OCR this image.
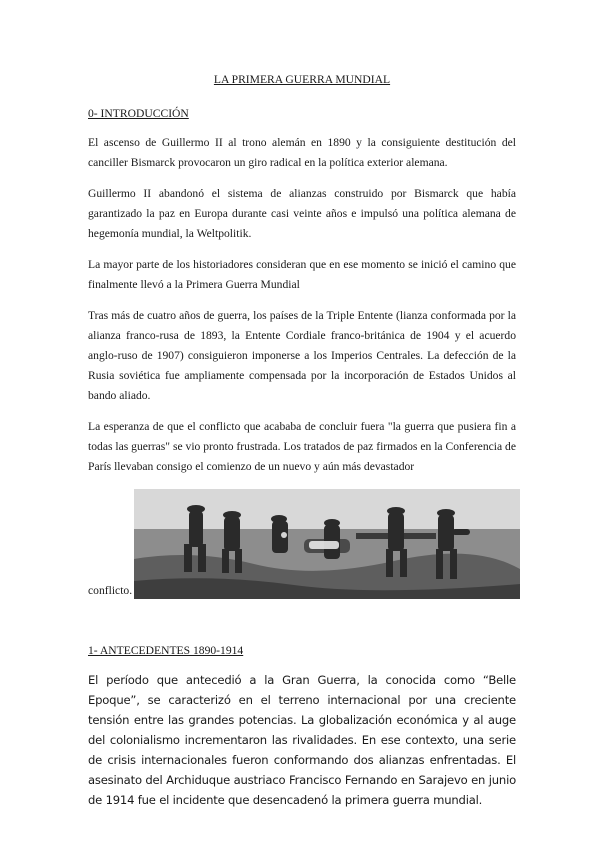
LA PRIMERA GUERRA MUNDIAL
0- INTRODUCCIÓN

El ascenso de Guillermo II al trono alemán en 1890 y la consiguiente destitución del canciller Bismarck provocaron un giro radical en la política exterior alemana.

Guillermo II abandonó el sistema de alianzas construido por Bismarck que había garantizado la paz en Europa durante casi veinte años e impulsó una política alemana de hegemonía mundial, la Weltpolitik.

La mayor parte de los historiadores consideran que en ese momento se inició el camino que finalmente llevó a la Primera Guerra Mundial

Tras más de cuatro años de guerra, los países de la Triple Entente (lianza conformada por la alianza franco-rusa de 1893, la Entente Cordiale franco-británica de 1904 y el acuerdo anglo-ruso de 1907) consiguieron imponerse a los Imperios Centrales. La defección de la Rusia soviética fue ampliamente compensada por la incorporación de Estados Unidos al bando aliado.

La esperanza de que el conflicto que acababa de concluir fuera "la guerra que pusiera fin a todas las guerras" se vio pronto frustrada. Los tratados de paz firmados en la Conferencia de París llevaban consigo el comienzo de un nuevo y aún más devastador

conflicto.
1- ANTECEDENTES 1890-1914

El período que antecedió a la Gran Guerra, la conocida como “Belle Epoque”, se caracterizó en el terreno internacional por una creciente tensión entre las grandes potencias. La globalización económica y al auge del colonialismo incrementaron las rivalidades. En ese contexto, una serie de crisis internacionales fueron conformando dos alianzas enfrentadas. El asesinato del Archiduque austriaco Francisco Fernando en Sarajevo en junio de 1914 fue el incidente que desencadenó la primera guerra mundial.
